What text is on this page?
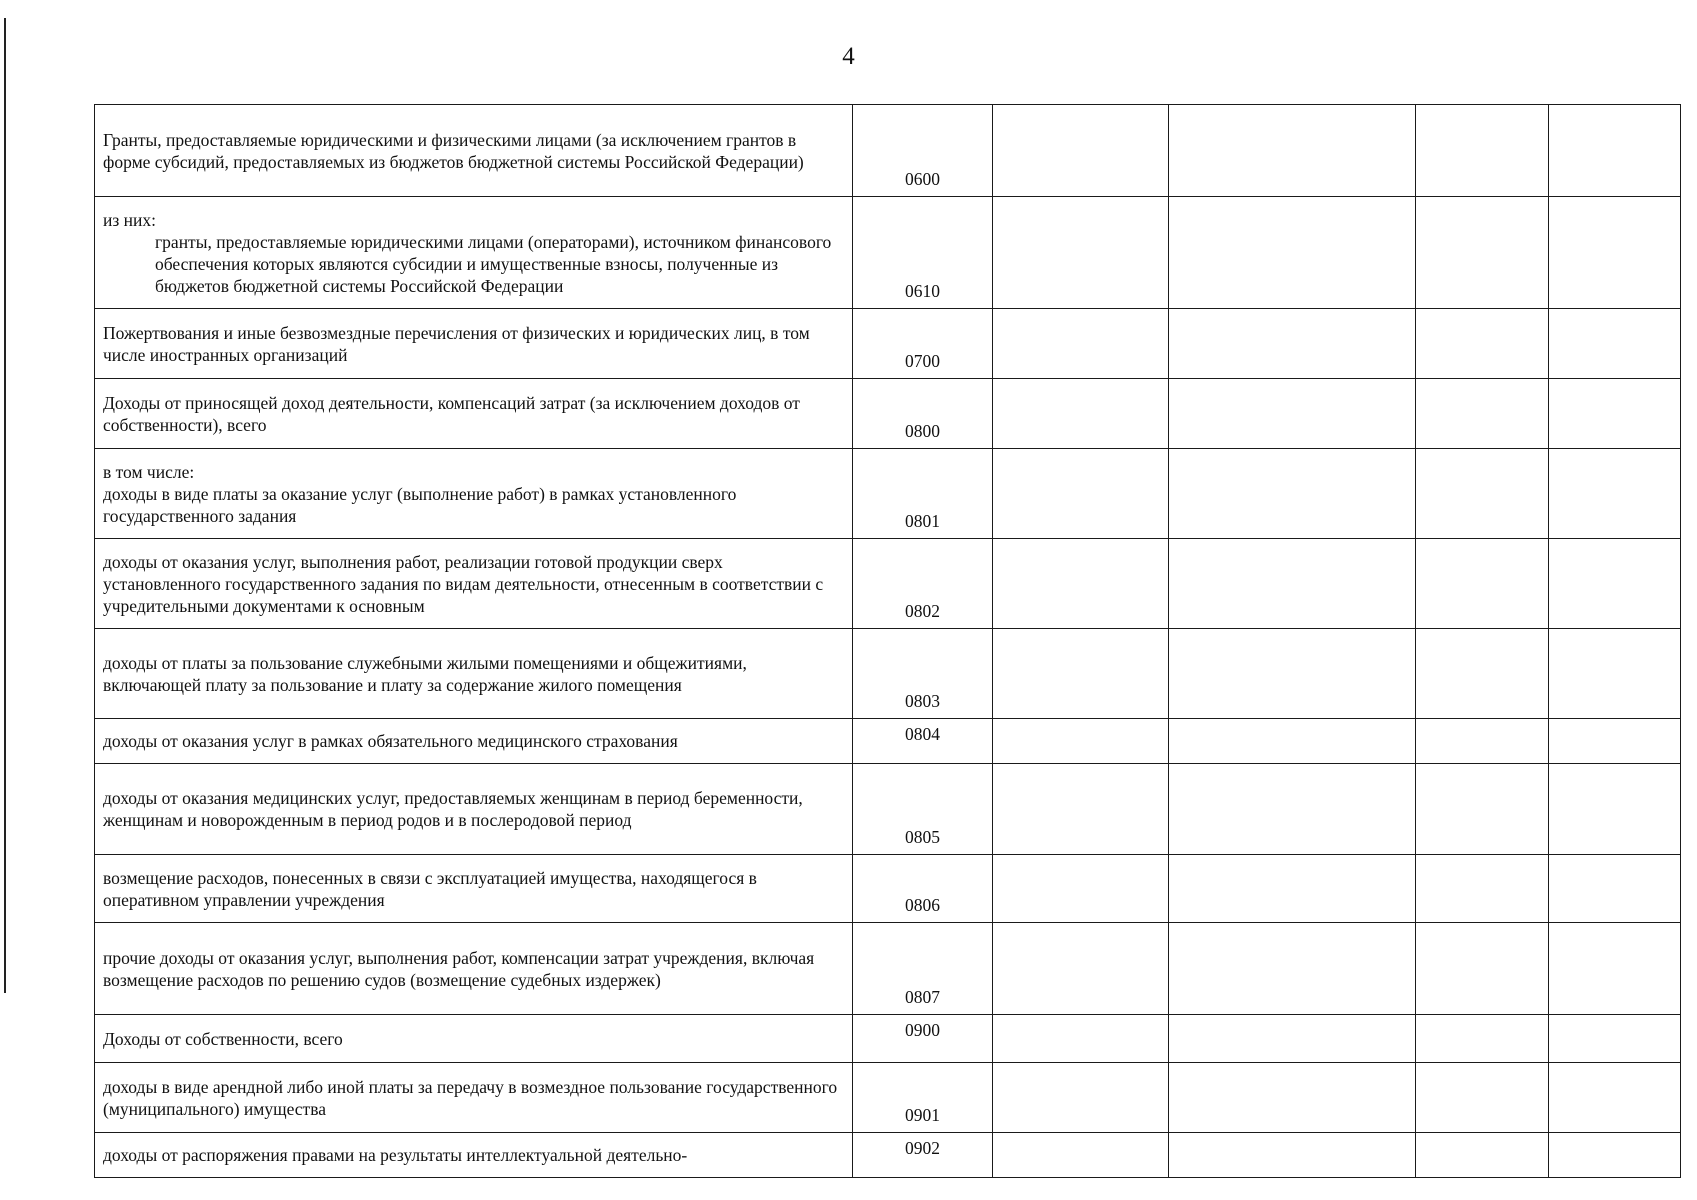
4
Гранты, предоставляемые юридическими и физическими лицами (за исключением грантов в форме субсидий, предоставляемых из бюджетов бюджетной системы Российской Федерации)	0600				

из них:
гранты, предоставляемые юридическими лицами (операторами), источником финансового обеспечения которых являются субсидии и имущественные взносы, полученные из бюджетов бюджетной системы Российской Федерации	0610				
Пожертвования и иные безвозмездные перечисления от физических и юридических лиц, в том числе иностранных организаций	0700				
Доходы от приносящей доход деятельности, компенсаций затрат (за исключением доходов от собственности), всего	0800				

в том числе:
доходы в виде платы за оказание услуг (выполнение работ) в рамках установленного государственного задания	0801				
доходы от оказания услуг, выполнения работ, реализации готовой продукции сверх установленного государственного задания по видам деятельности, отнесенным в соответствии с учредительными документами к основным	0802				
доходы от платы за пользование служебными жилыми помещениями и общежитиями, включающей плату за пользование и плату за содержание жилого помещения	0803				
доходы от оказания услуг в рамках обязательного медицинского страхования	0804				
доходы от оказания медицинских услуг, предоставляемых женщинам в период беременности, женщинам и новорожденным в период родов и в послеродовой период	0805				
возмещение расходов, понесенных в связи с эксплуатацией имущества, находящегося в оперативном управлении учреждения	0806				
прочие доходы от оказания услуг, выполнения работ, компенсации затрат учреждения, включая возмещение расходов по решению судов (возмещение судебных издержек)	0807				
Доходы от собственности, всего	0900				
доходы в виде арендной либо иной платы за передачу в возмездное пользование государственного (муниципального) имущества	0901				
доходы от распоряжения правами на результаты интеллектуальной деятельно-	0902				
